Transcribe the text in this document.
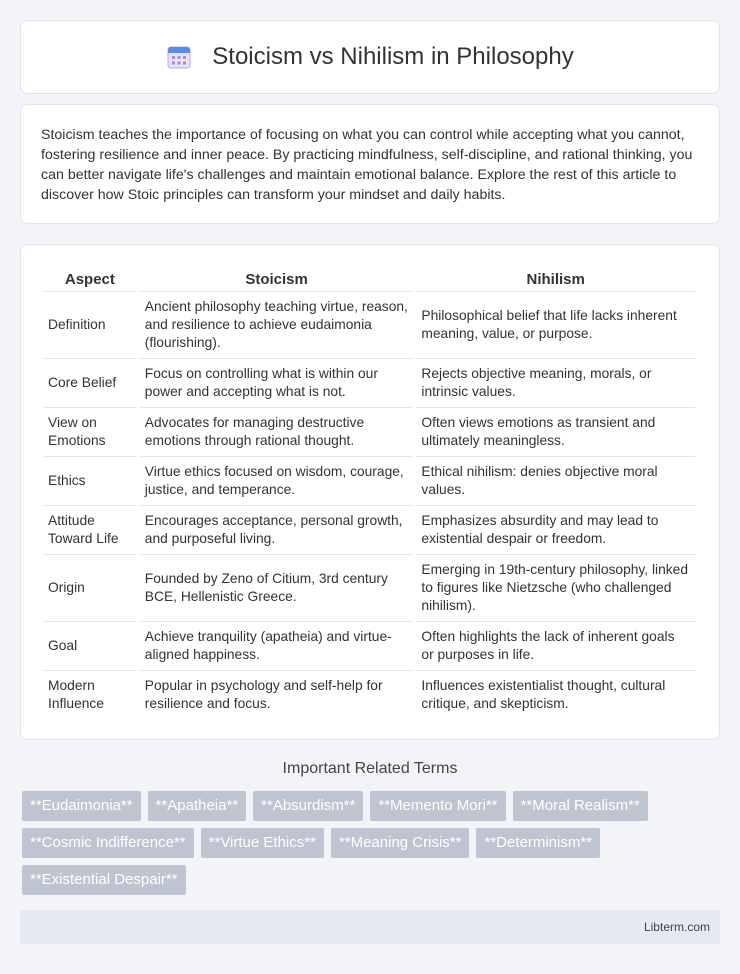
Stoicism vs Nihilism in Philosophy

Stoicism teaches the importance of focusing on what you can control while accepting what you cannot, fostering resilience and inner peace. By practicing mindfulness, self-discipline, and rational thinking, you can better navigate life's challenges and maintain emotional balance. Explore the rest of this article to discover how Stoic principles can transform your mindset and daily habits.

Aspect	Stoicism	Nihilism
Definition	Ancient philosophy teaching virtue, reason, and resilience to achieve eudaimonia (flourishing).	Philosophical belief that life lacks inherent meaning, value, or purpose.
Core Belief	Focus on controlling what is within our power and accepting what is not.	Rejects objective meaning, morals, or intrinsic values.
View on Emotions	Advocates for managing destructive emotions through rational thought.	Often views emotions as transient and ultimately meaningless.
Ethics	Virtue ethics focused on wisdom, courage, justice, and temperance.	Ethical nihilism: denies objective moral values.
Attitude Toward Life	Encourages acceptance, personal growth, and purposeful living.	Emphasizes absurdity and may lead to existential despair or freedom.
Origin	Founded by Zeno of Citium, 3rd century BCE, Hellenistic Greece.	Emerging in 19th-century philosophy, linked to figures like Nietzsche (who challenged nihilism).
Goal	Achieve tranquility (apatheia) and virtue-aligned happiness.	Often highlights the lack of inherent goals or purposes in life.
Modern Influence	Popular in psychology and self-help for resilience and focus.	Influences existentialist thought, cultural critique, and skepticism.
Important Related Terms
**Eudaimonia**	**Apatheia**	**Absurdism**	**Memento Mori**	**Moral Realism**
**Cosmic Indifference**	**Virtue Ethics**	**Meaning Crisis**	**Determinism**
**Existential Despair**
Libterm.com
